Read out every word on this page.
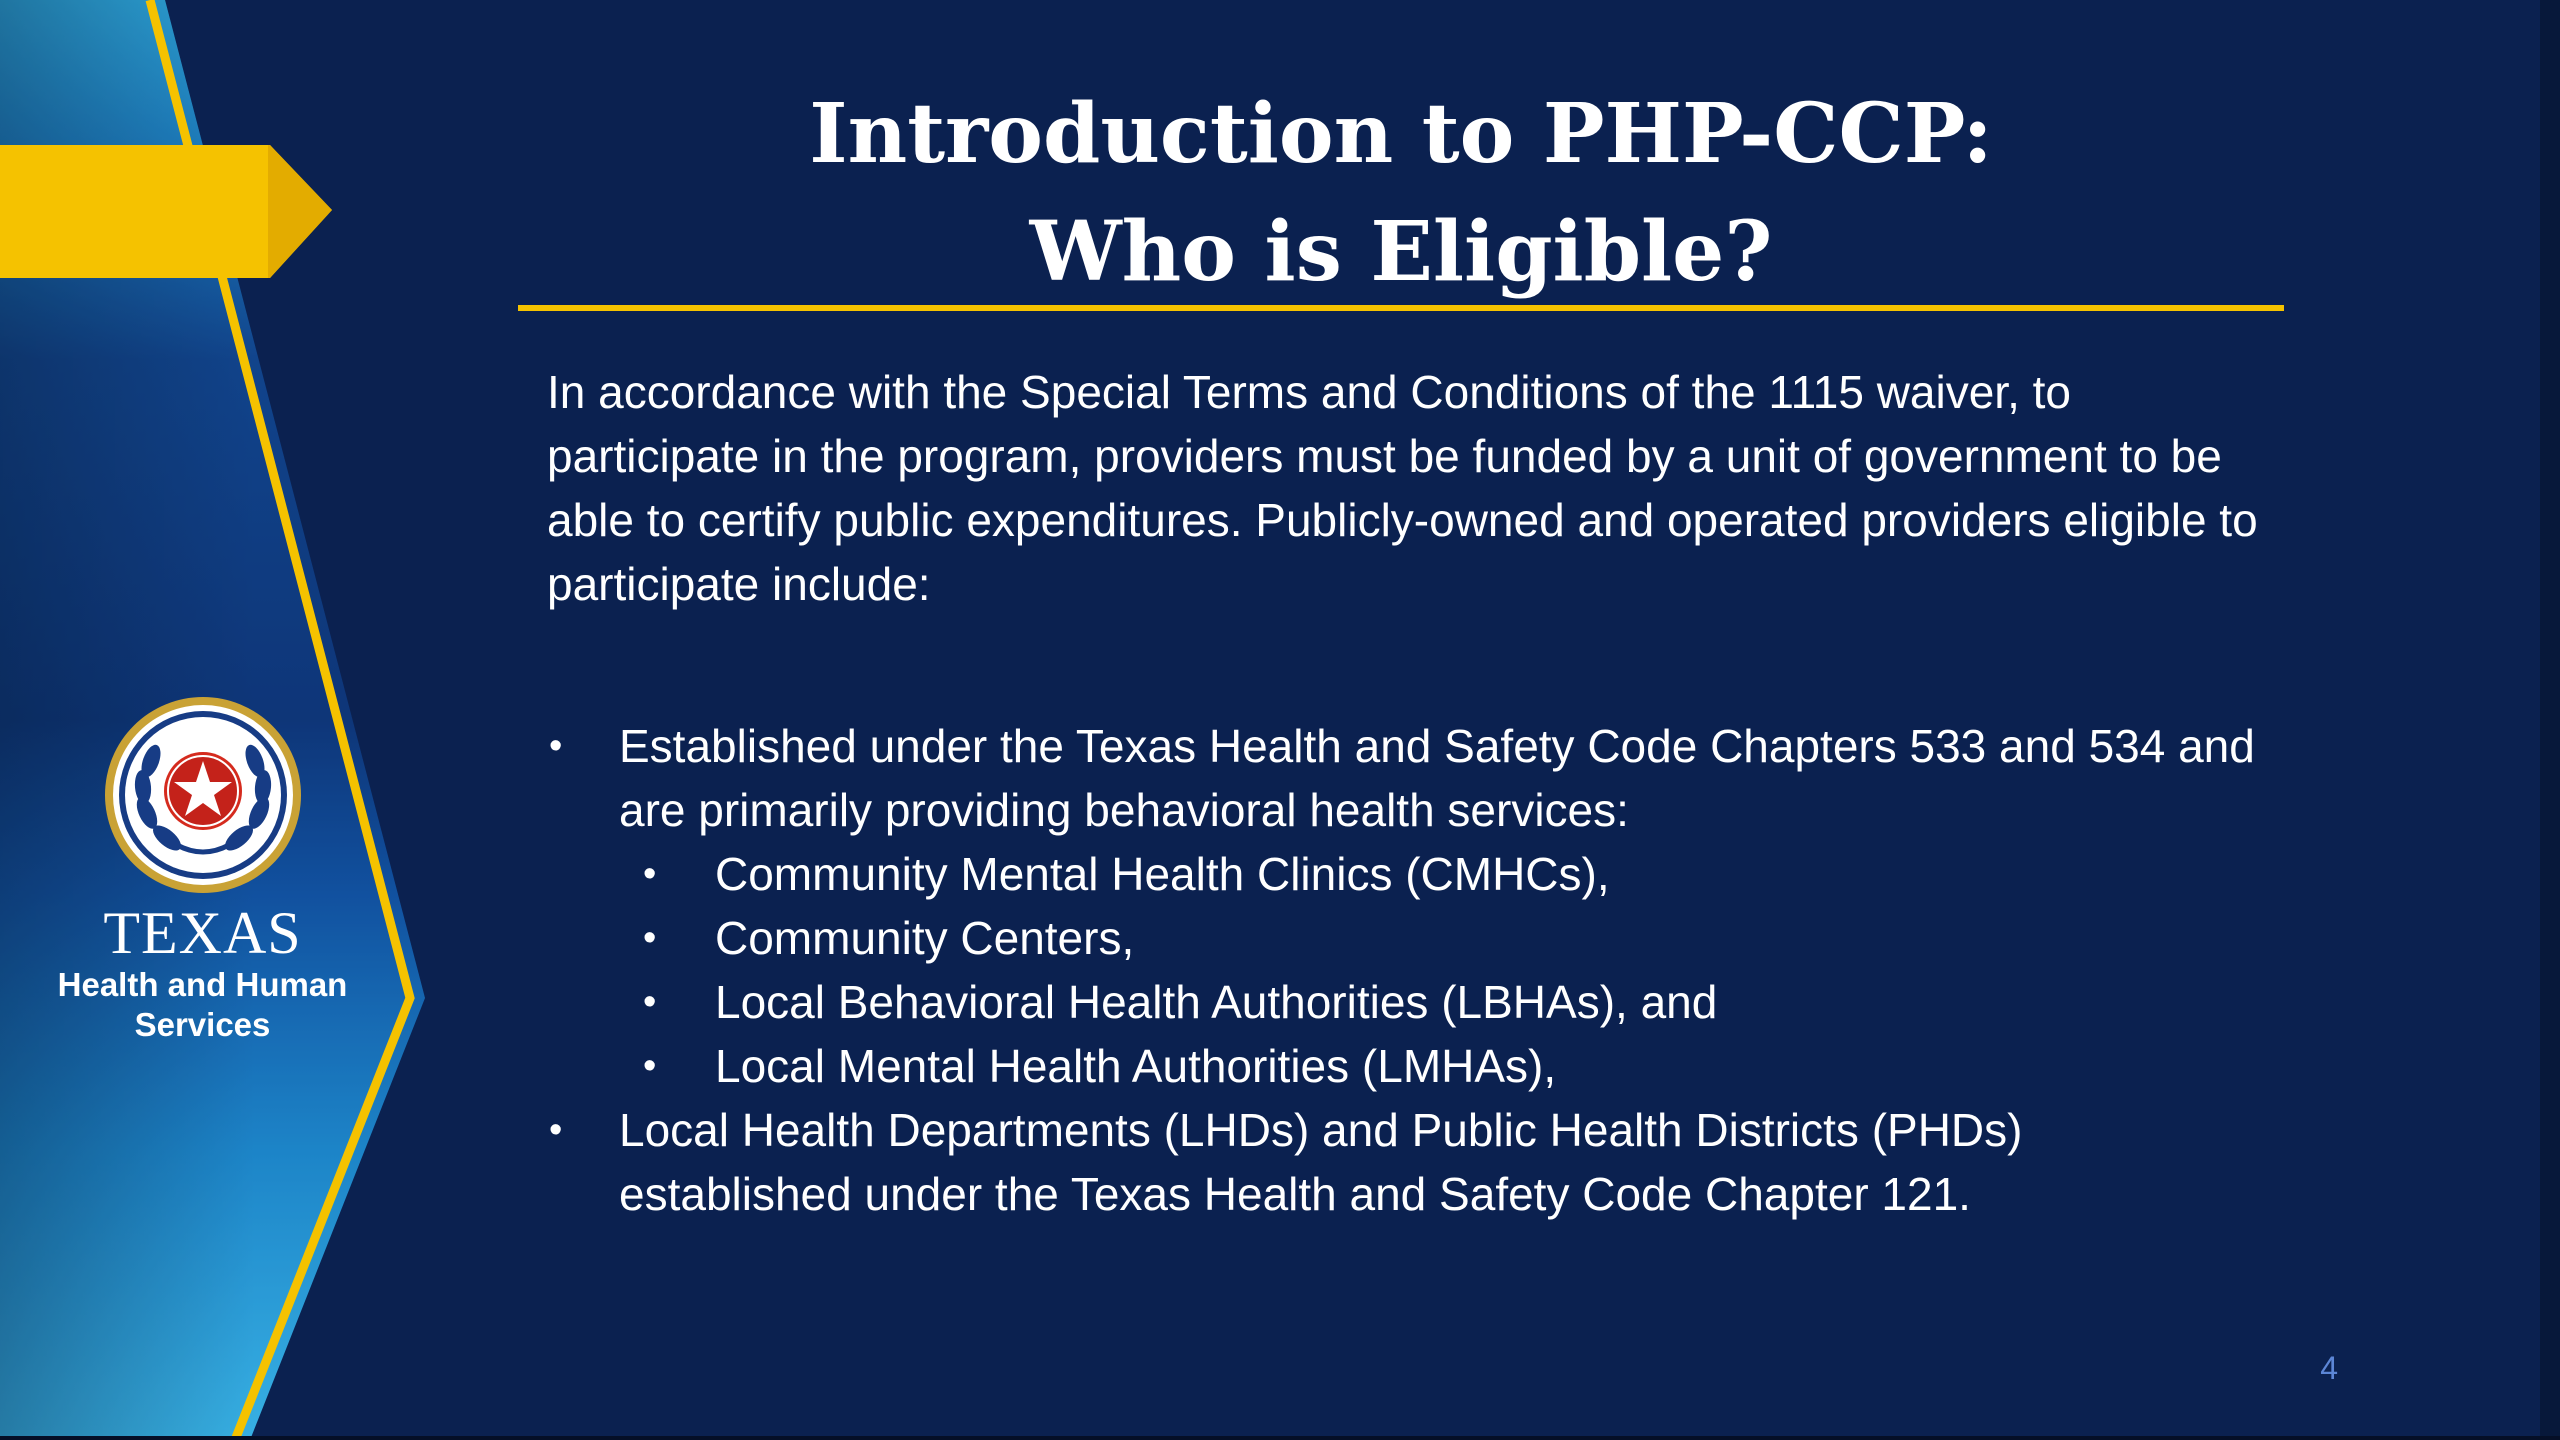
TEXAS
Health and Human Services
Introduction to PHP-CCP:
Who is Eligible?

In accordance with the Special Terms and Conditions of the 1115 waiver, to participate in the program, providers must be funded by a unit of government to be able to certify public expenditures. Publicly-owned and operated providers eligible to participate include:

• Established under the Texas Health and Safety Code Chapters 533 and 534 and are primarily providing behavioral health services:
• Community Mental Health Clinics (CMHCs),
• Community Centers,
• Local Behavioral Health Authorities (LBHAs), and
• Local Mental Health Authorities (LMHAs),
• Local Health Departments (LHDs) and Public Health Districts (PHDs) established under the Texas Health and Safety Code Chapter 121.
4
